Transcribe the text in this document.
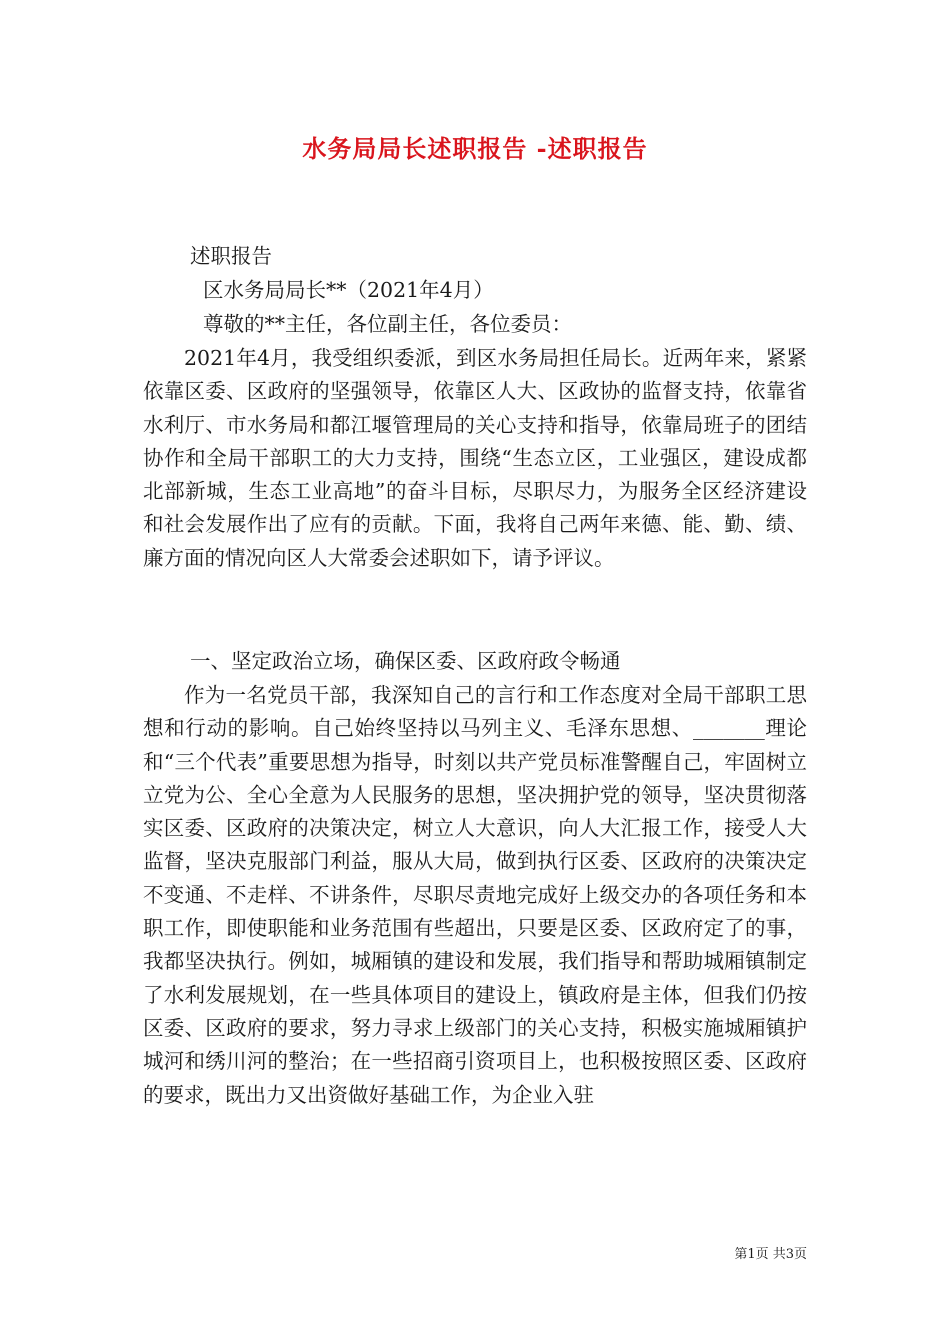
水务局局长述职报告 -述职报告
述职报告
区水务局局长**（2021年4月）
尊敬的**主任，各位副主任，各位委员：

2021年4月，我受组织委派，到区水务局担任局长。近两年来，紧紧依靠区委、区政府的坚强领导，依靠区人大、区政协的监督支持，依靠省水利厅、市水务局和都江堰管理局的关心支持和指导，依靠局班子的团结协作和全局干部职工的大力支持，围绕“生态立区，工业强区，建设成都北部新城，生态工业高地”的奋斗目标，尽职尽力，为服务全区经济建设和社会发展作出了应有的贡献。下面，我将自己两年来德、能、勤、绩、廉方面的情况向区人大常委会述职如下，请予评议。

一、坚定政治立场，确保区委、区政府政令畅通

作为一名党员干部，我深知自己的言行和工作态度对全局干部职工思想和行动的影响。自己始终坚持以马列主义、毛泽东思想、_______理论和“三个代表”重要思想为指导，时刻以共产党员标准警醒自己，牢固树立立党为公、全心全意为人民服务的思想，坚决拥护党的领导，坚决贯彻落实区委、区政府的决策决定，树立人大意识，向人大汇报工作，接受人大监督，坚决克服部门利益，服从大局，做到执行区委、区政府的决策决定不变通、不走样、不讲条件，尽职尽责地完成好上级交办的各项任务和本职工作，即使职能和业务范围有些超出，只要是区委、区政府定了的事，我都坚决执行。例如，城厢镇的建设和发展，我们指导和帮助城厢镇制定了水利发展规划，在一些具体项目的建设上，镇政府是主体，但我们仍按区委、区政府的要求，努力寻求上级部门的关心支持，积极实施城厢镇护城河和绣川河的整治；在一些招商引资项目上，也积极按照区委、区政府的要求，既出力又出资做好基础工作，为企业入驻

第1页 共3页
